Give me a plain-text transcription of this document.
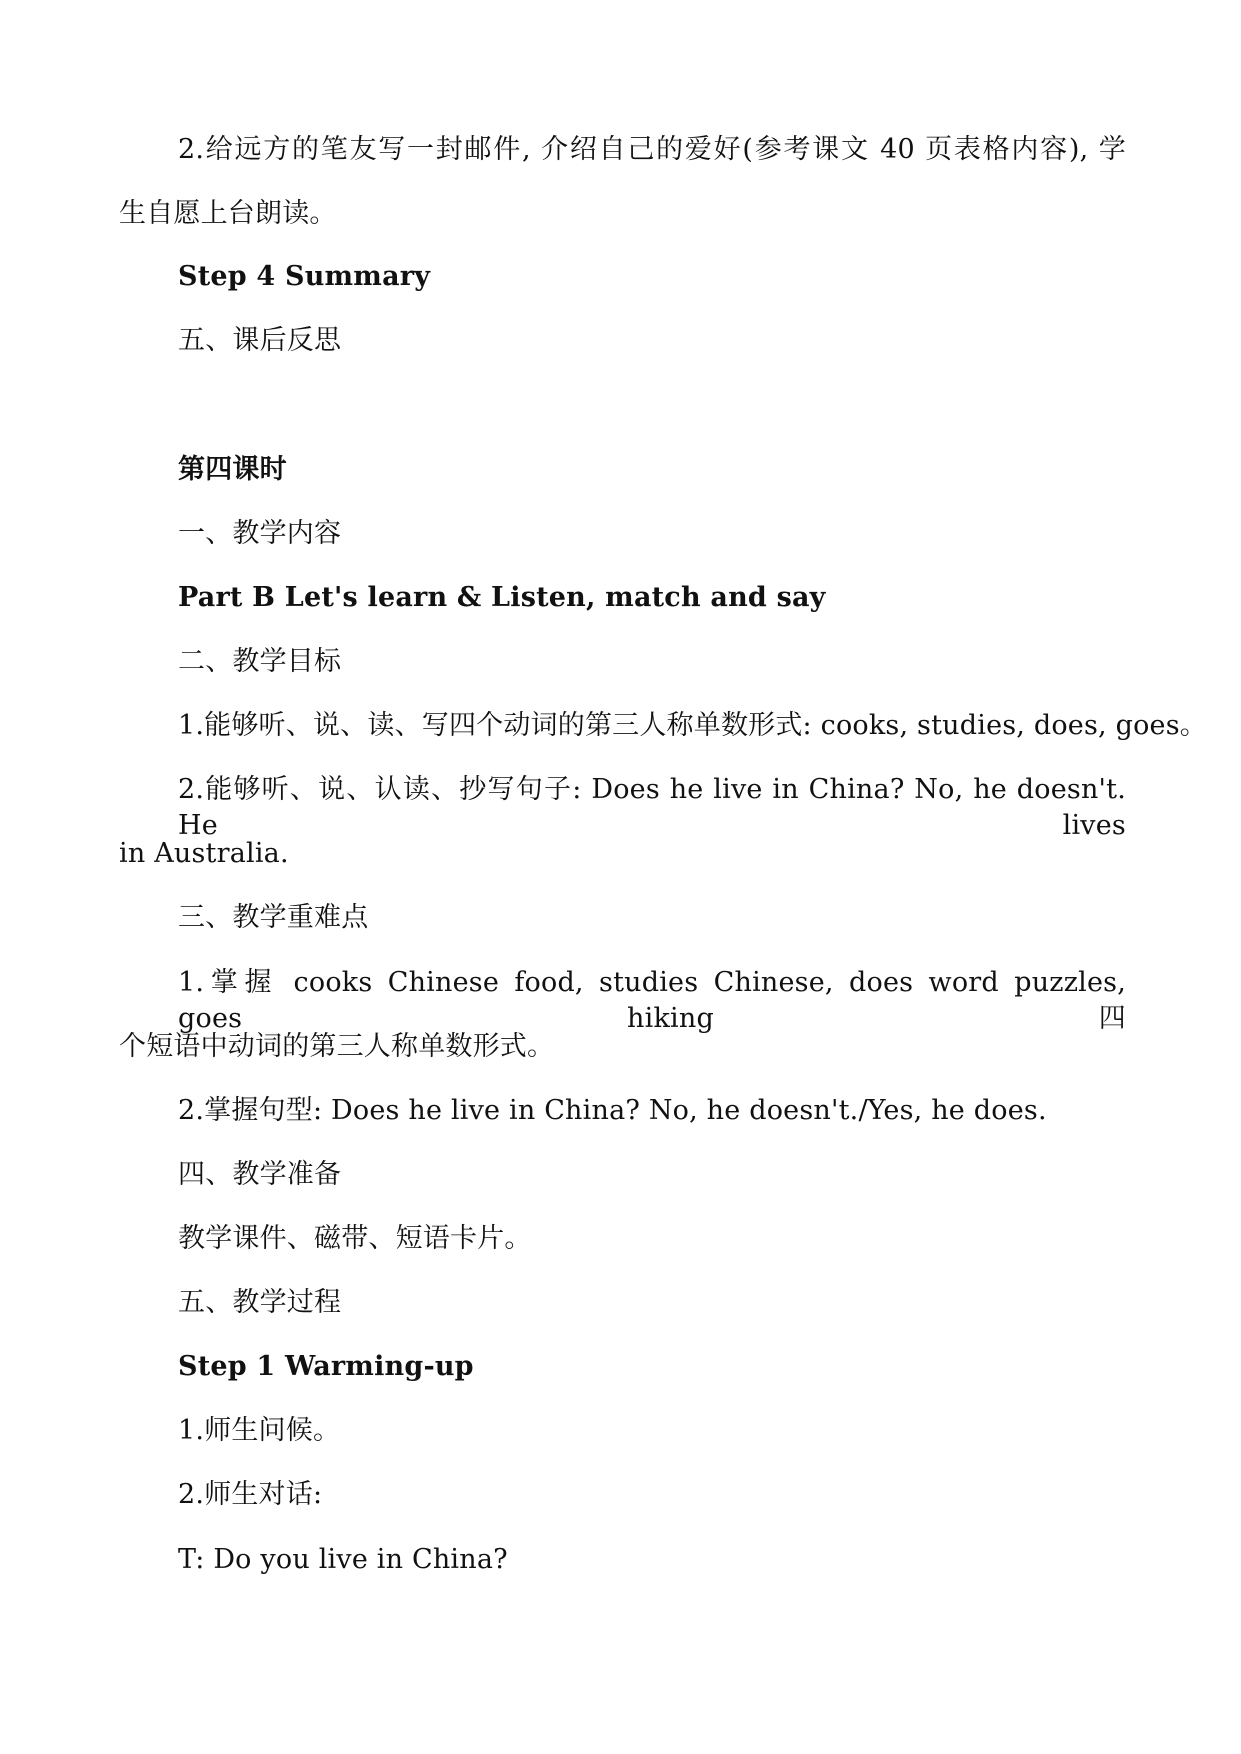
2.给远方的笔友写一封邮件, 介绍自己的爱好(参考课文 40 页表格内容), 学
生自愿上台朗读。
Step 4 Summary
五、课后反思
第四课时
一、教学内容
Part B Let's learn & Listen, match and say
二、教学目标
1.能够听、说、读、写四个动词的第三人称单数形式: cooks, studies, does, goes。
2.能够听、说、认读、抄写句子: Does he live in China? No, he doesn't. He lives
in Australia.
三、教学重难点
1.掌握 cooks Chinese food, studies Chinese, does word puzzles, goes hiking 四
个短语中动词的第三人称单数形式。
2.掌握句型: Does he live in China? No, he doesn't./Yes, he does.
四、教学准备
教学课件、磁带、短语卡片。
五、教学过程
Step 1 Warming-up
1.师生问候。
2.师生对话:
T: Do you live in China?
